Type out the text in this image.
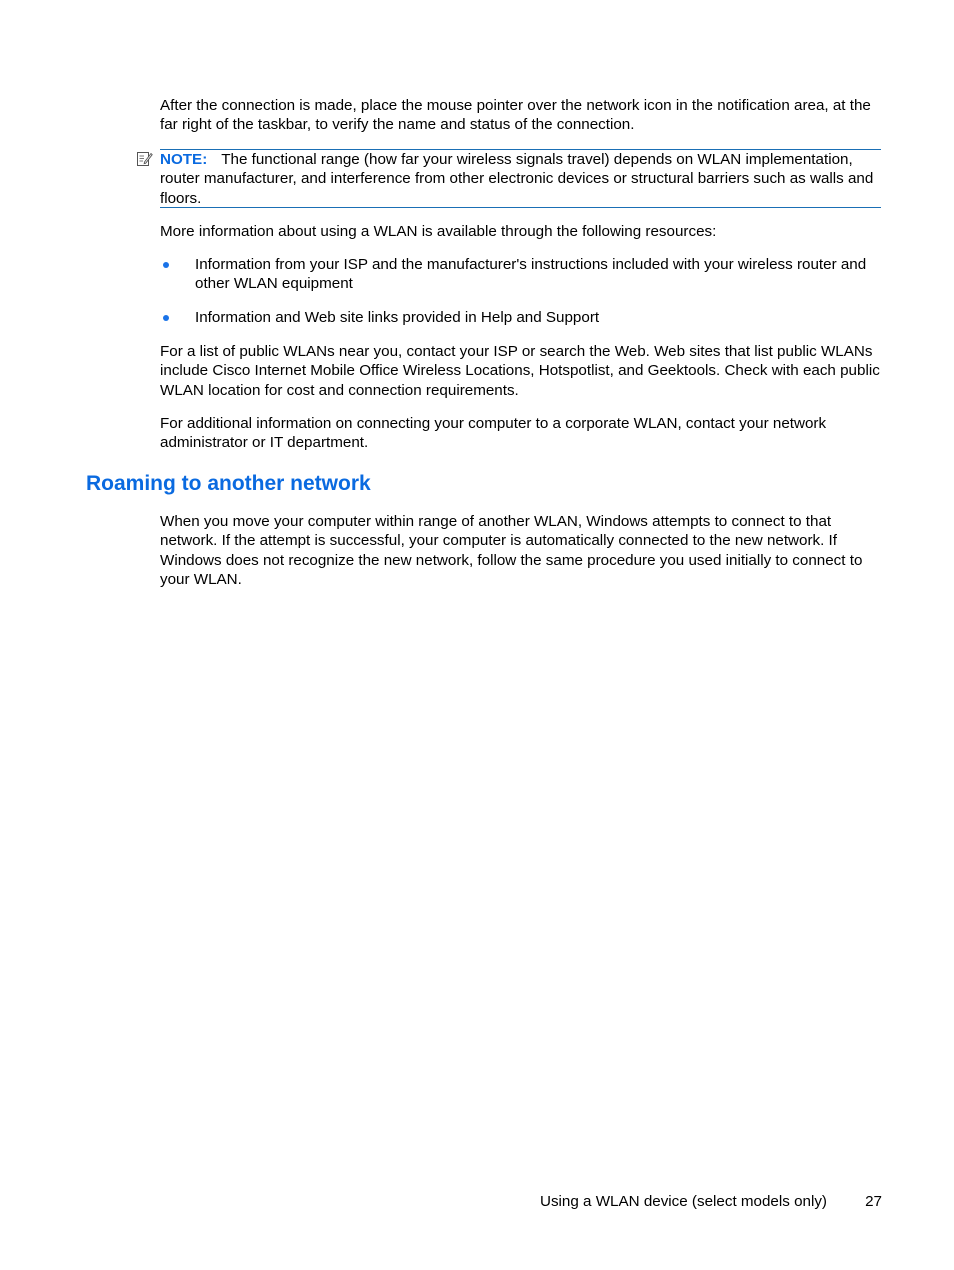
After the connection is made, place the mouse pointer over the network icon in the notification area, at the far right of the taskbar, to verify the name and status of the connection.

NOTE: The functional range (how far your wireless signals travel) depends on WLAN implementation, router manufacturer, and interference from other electronic devices or structural barriers such as walls and floors.

More information about using a WLAN is available through the following resources:

Information from your ISP and the manufacturer's instructions included with your wireless router and other WLAN equipment
Information and Web site links provided in Help and Support

For a list of public WLANs near you, contact your ISP or search the Web. Web sites that list public WLANs include Cisco Internet Mobile Office Wireless Locations, Hotspotlist, and Geektools. Check with each public WLAN location for cost and connection requirements.

For additional information on connecting your computer to a corporate WLAN, contact your network administrator or IT department.

Roaming to another network

When you move your computer within range of another WLAN, Windows attempts to connect to that network. If the attempt is successful, your computer is automatically connected to the new network. If Windows does not recognize the new network, follow the same procedure you used initially to connect to your WLAN.

Using a WLAN device (select models only)	27
